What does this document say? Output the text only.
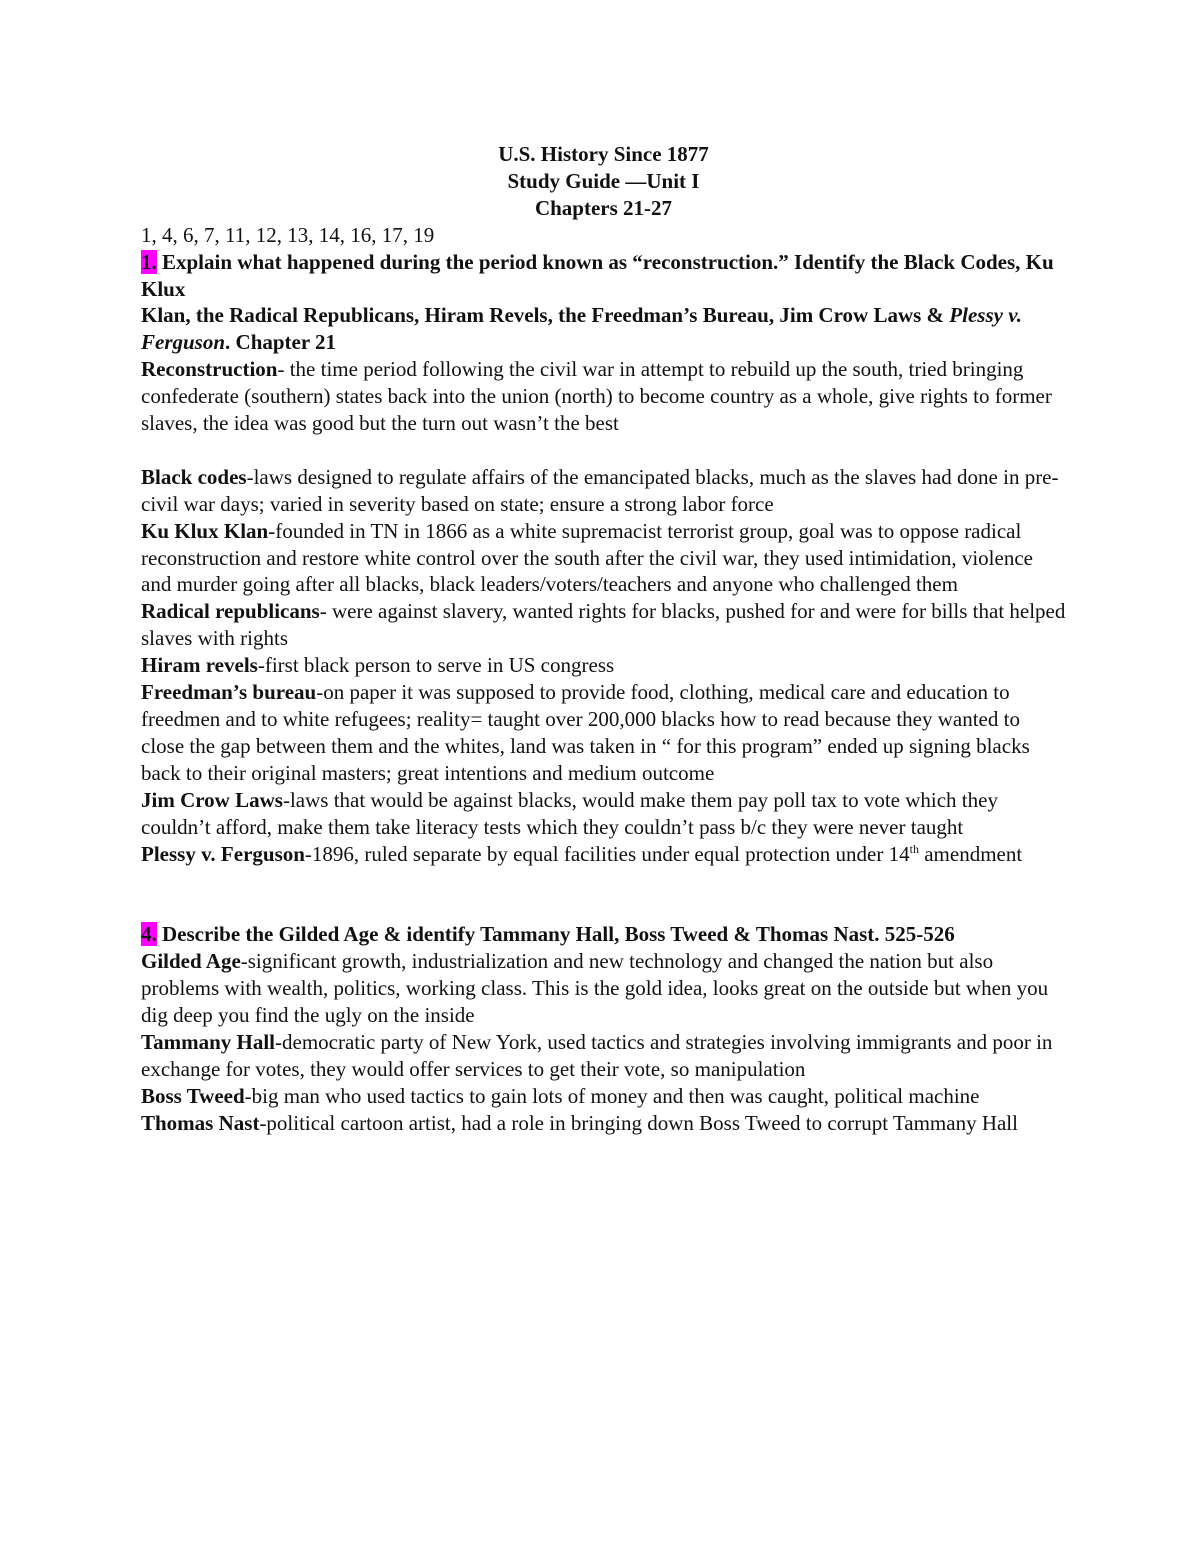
U.S. History Since 1877
Study Guide —Unit I
Chapters 21-27

1, 4, 6, 7, 11, 12, 13, 14, 16, 17, 19

1. Explain what happened during the period known as “reconstruction.” Identify the Black Codes, Ku Klux
Klan, the Radical Republicans, Hiram Revels, the Freedman’s Bureau, Jim Crow Laws & Plessy v. Ferguson. Chapter 21

Reconstruction- the time period following the civil war in attempt to rebuild up the south, tried bringing confederate (southern) states back into the union (north) to become country as a whole, give rights to former slaves, the idea was good but the turn out wasn’t the best

Black codes-laws designed to regulate affairs of the emancipated blacks, much as the slaves had done in pre-civil war days; varied in severity based on state; ensure a strong labor force

Ku Klux Klan-founded in TN in 1866 as a white supremacist terrorist group, goal was to oppose radical reconstruction and restore white control over the south after the civil war, they used intimidation, violence and murder going after all blacks, black leaders/voters/teachers and anyone who challenged them

Radical republicans- were against slavery, wanted rights for blacks, pushed for and were for bills that helped slaves with rights

Hiram revels-first black person to serve in US congress

Freedman’s bureau-on paper it was supposed to provide food, clothing, medical care and education to freedmen and to white refugees; reality= taught over 200,000 blacks how to read because they wanted to close the gap between them and the whites, land was taken in “ for this program” ended up signing blacks back to their original masters; great intentions and medium outcome

Jim Crow Laws-laws that would be against blacks, would make them pay poll tax to vote which they couldn’t afford, make them take literacy tests which they couldn’t pass b/c they were never taught

Plessy v. Ferguson-1896, ruled separate by equal facilities under equal protection under 14th amendment

4. Describe the Gilded Age & identify Tammany Hall, Boss Tweed & Thomas Nast. 525-526

Gilded Age-significant growth, industrialization and new technology and changed the nation but also problems with wealth, politics, working class. This is the gold idea, looks great on the outside but when you dig deep you find the ugly on the inside

Tammany Hall-democratic party of New York, used tactics and strategies involving immigrants and poor in exchange for votes, they would offer services to get their vote, so manipulation

Boss Tweed-big man who used tactics to gain lots of money and then was caught, political machine

Thomas Nast-political cartoon artist, had a role in bringing down Boss Tweed to corrupt Tammany Hall
